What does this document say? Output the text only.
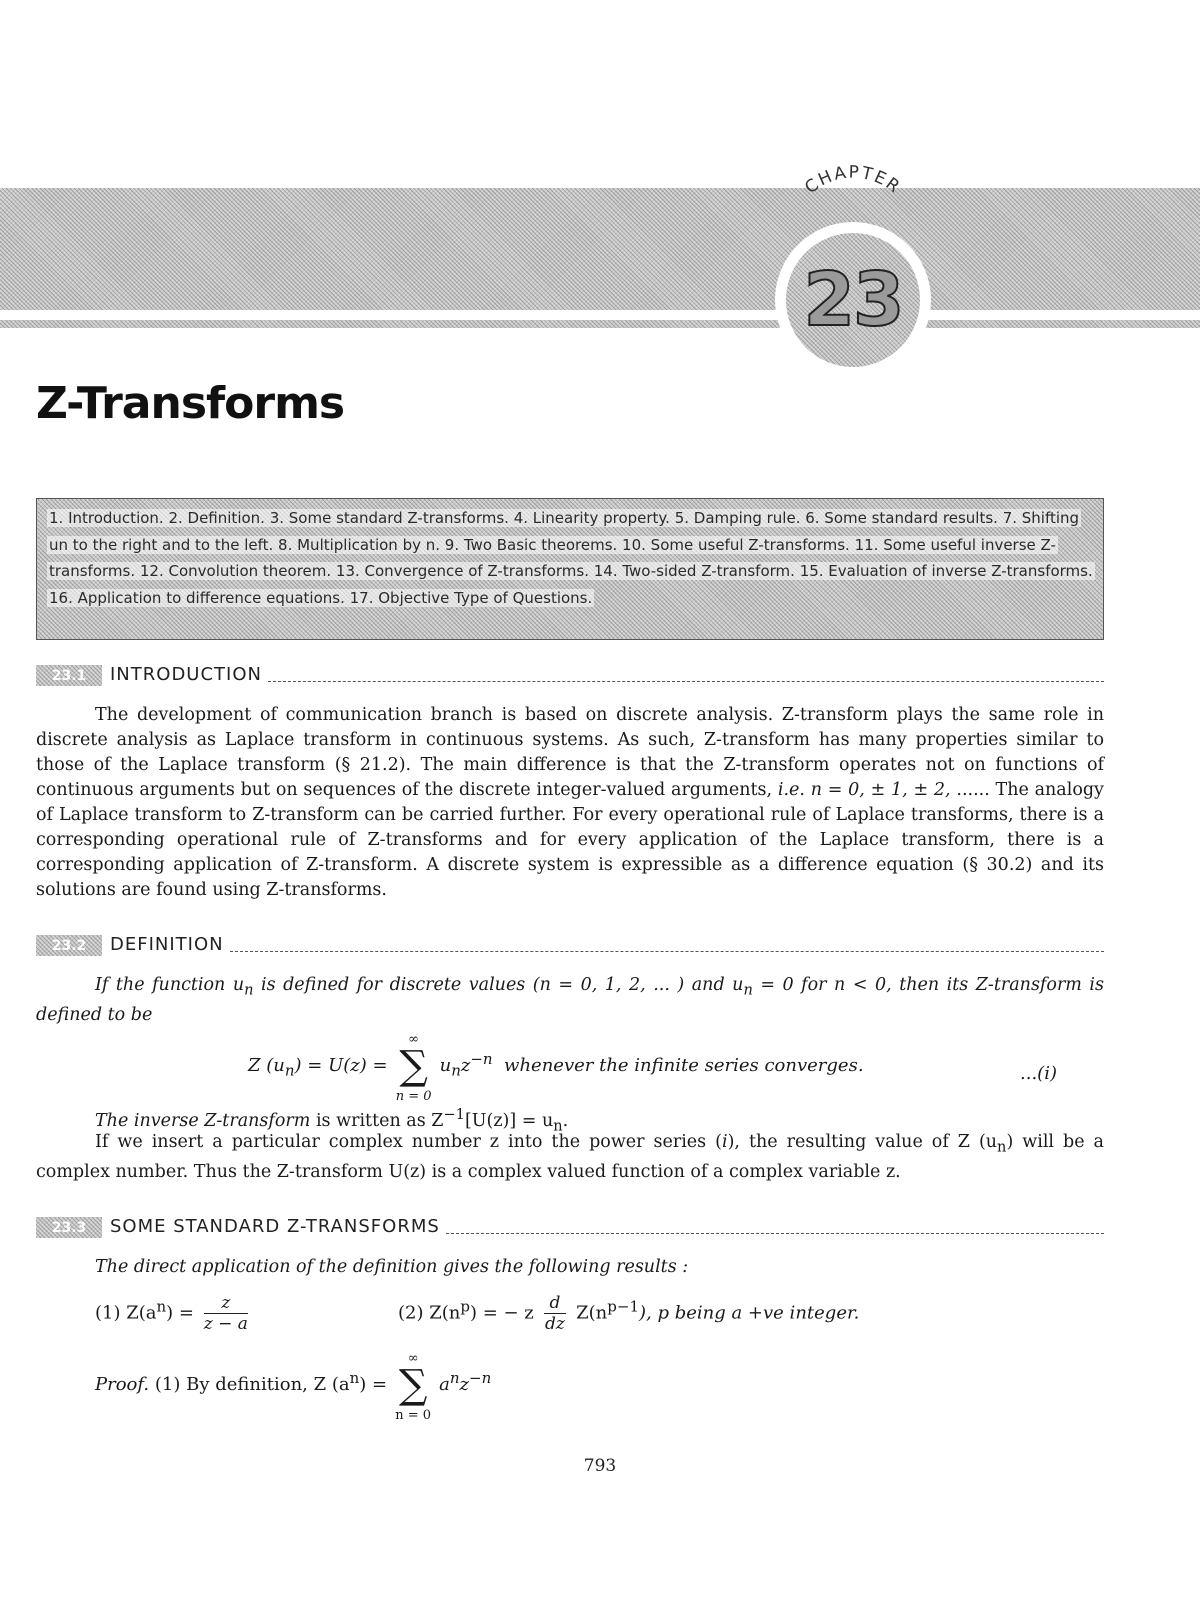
23
CHAPTER
Z-Transforms

1. Introduction. 2. Definition. 3. Some standard Z-transforms. 4. Linearity property. 5. Damping rule. 6. Some standard results. 7. Shifting un to the right and to the left. 8. Multiplication by n. 9. Two Basic theorems. 10. Some useful Z-transforms. 11. Some useful inverse Z-transforms. 12. Convolution theorem. 13. Convergence of Z-transforms. 14. Two-sided Z-transform. 15. Evaluation of inverse Z-transforms. 16. Application to difference equations. 17. Objective Type of Questions.

23.1	INTRODUCTION

The development of communication branch is based on discrete analysis. Z-transform plays the same role in discrete analysis as Laplace transform in continuous systems. As such, Z-transform has many properties similar to those of the Laplace transform (§ 21.2). The main difference is that the Z-transform operates not on functions of continuous arguments but on sequences of the discrete integer-valued arguments, i.e. n = 0, ± 1, ± 2, ...... The analogy of Laplace transform to Z-transform can be carried further. For every operational rule of Laplace transforms, there is a corresponding operational rule of Z-transforms and for every application of the Laplace transform, there is a corresponding application of Z-transform. A discrete system is expressible as a difference equation (§ 30.2) and its solutions are found using Z-transforms.

23.2	DEFINITION

If the function $u_n$ is defined for discrete values (n = 0, 1, 2, ... ) and $u_n = 0$ for n < 0, then its Z-transform is defined to be

Z $(u_n) = U(z)$ =
∞
∑
n = 0
$u_nz^{-n}$ whenever the infinite series converges.	...(i)

The inverse Z-transform is written as $Z^{-1}[U(z)] = u_n$.

If we insert a particular complex number z into the power series (i), the resulting value of Z $(u_n)$ will be a complex number. Thus the Z-transform U(z) is a complex valued function of a complex variable z.

23.3	SOME STANDARD Z-TRANSFORMS

The direct application of the definition gives the following results :

(1) $Z(a^n) = \frac{z}{z - a}$	(2) $Z(n^p)$ = − z $\frac{d}{dz} Z(n^{p-1})$, p being a +ve integer.
Proof. (1) By definition, Z $(a^n)$ =
∞
∑
n = 0
$a^nz^{-n}$
793
